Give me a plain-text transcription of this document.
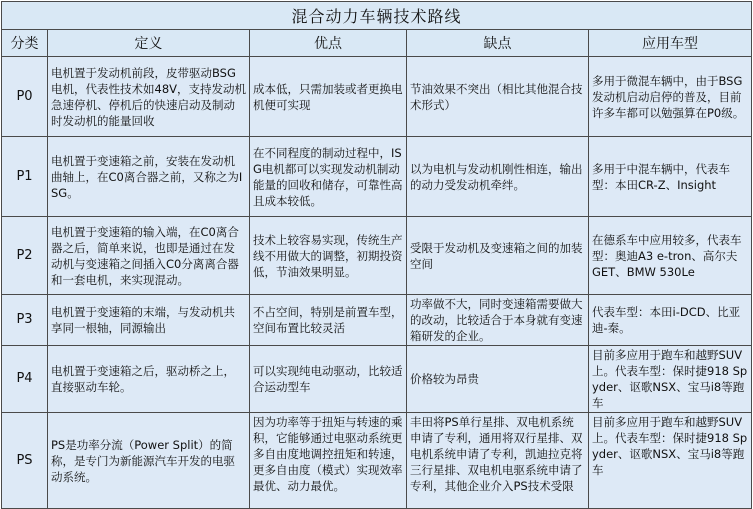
混合动力车辆技术路线				
分类	定义	优点	缺点	应用车型
P0	电机置于发动机前段，皮带驱动BSG电机，代表性技术如48V，支持发动机急速停机、停机后的快速启动及制动时发动机的能量回收	成本低，只需加装或者更换电机便可实现	节油效果不突出（相比其他混合技术形式）	多用于微混车辆中，由于BSG发动机启动启停的普及，目前许多车都可以勉强算在P0级。
P1	电机置于变速箱之前，安装在发动机曲轴上，在C0离合器之前，又称之为ISG。	在不同程度的制动过程中，ISG电机都可以实现发动机制动能量的回收和储存，可靠性高且成本较低。	以为电机与发动机刚性相连，输出的动力受发动机牵绊。	多用于中混车辆中，代表车型：本田CR-Z、Insight
P2	电机置于变速箱的输入端，在C0离合器之后，简单来说，也即是通过在发动机与变速箱之间插入C0分离离合器和一套电机，来实现混动。	技术上较容易实现，传统生产线不用做大的调整，初期投资低，节油效果明显。	受限于发动机及变速箱之间的加装空间	在德系车中应用较多，代表车型：奥迪A3 e-tron、高尔夫 GET、BMW 530Le
P3	电机置于变速箱的末端，与发动机共享同一根轴，同源输出	不占空间，特别是前置车型，空间布置比较灵活	功率做不大，同时变速箱需要做大的改动，比较适合于本身就有变速箱研发的企业。	代表车型：本田i-DCD、比亚迪-秦。
P4	电机置于变速箱之后，驱动桥之上，直接驱动车轮。	可以实现纯电动驱动，比较适合运动型车	价格较为昂贵	目前多应用于跑车和越野SUV上。代表车型：保时捷918 Spyder、讴歌NSX、宝马i8等跑车
PS	PS是功率分流（Power Split）的简称，是专门为新能源汽车开发的电驱动系统。	因为功率等于扭矩与转速的乘积，它能够通过电驱动系统更多自由度地调控扭矩和转速，更多自由度（模式）实现效率最优、动力最优。	丰田将PS单行星排、双电机系统申请了专利，通用将双行星排、双电机系统申请了专利，凯迪拉克将三行星排、双电机电驱系统申请了专利，其他企业介入PS技术受限	目前多应用于跑车和越野SUV上。代表车型：保时捷918 Spyder、讴歌NSX、宝马i8等跑车
